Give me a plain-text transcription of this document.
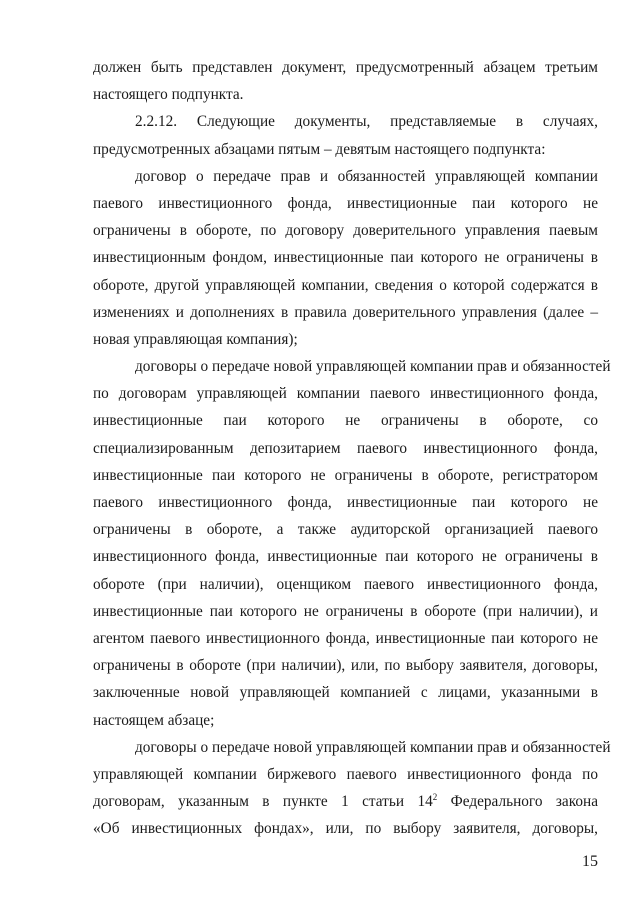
должен быть представлен документ, предусмотренный абзацем третьим
настоящего подпункта.
2.2.12. Следующие документы, представляемые в случаях,
предусмотренных абзацами пятым – девятым настоящего подпункта:
договор о передаче прав и обязанностей управляющей компании
паевого инвестиционного фонда, инвестиционные паи которого не
ограничены в обороте, по договору доверительного управления паевым
инвестиционным фондом, инвестиционные паи которого не ограничены в
обороте, другой управляющей компании, сведения о которой содержатся в
изменениях и дополнениях в правила доверительного управления (далее –
новая управляющая компания);
договоры о передаче новой управляющей компании прав и обязанностей
по договорам управляющей компании паевого инвестиционного фонда,
инвестиционные паи которого не ограничены в обороте, со
специализированным депозитарием паевого инвестиционного фонда,
инвестиционные паи которого не ограничены в обороте, регистратором
паевого инвестиционного фонда, инвестиционные паи которого не
ограничены в обороте, а также аудиторской организацией паевого
инвестиционного фонда, инвестиционные паи которого не ограничены в
обороте (при наличии), оценщиком паевого инвестиционного фонда,
инвестиционные паи которого не ограничены в обороте (при наличии), и
агентом паевого инвестиционного фонда, инвестиционные паи которого не
ограничены в обороте (при наличии), или, по выбору заявителя, договоры,
заключенные новой управляющей компанией с лицами, указанными в
настоящем абзаце;
договоры о передаче новой управляющей компании прав и обязанностей
управляющей компании биржевого паевого инвестиционного фонда по
договорам, указанным в пункте 1 статьи $14^2$ Федерального закона
«Об инвестиционных фондах», или, по выбору заявителя, договоры,
15
